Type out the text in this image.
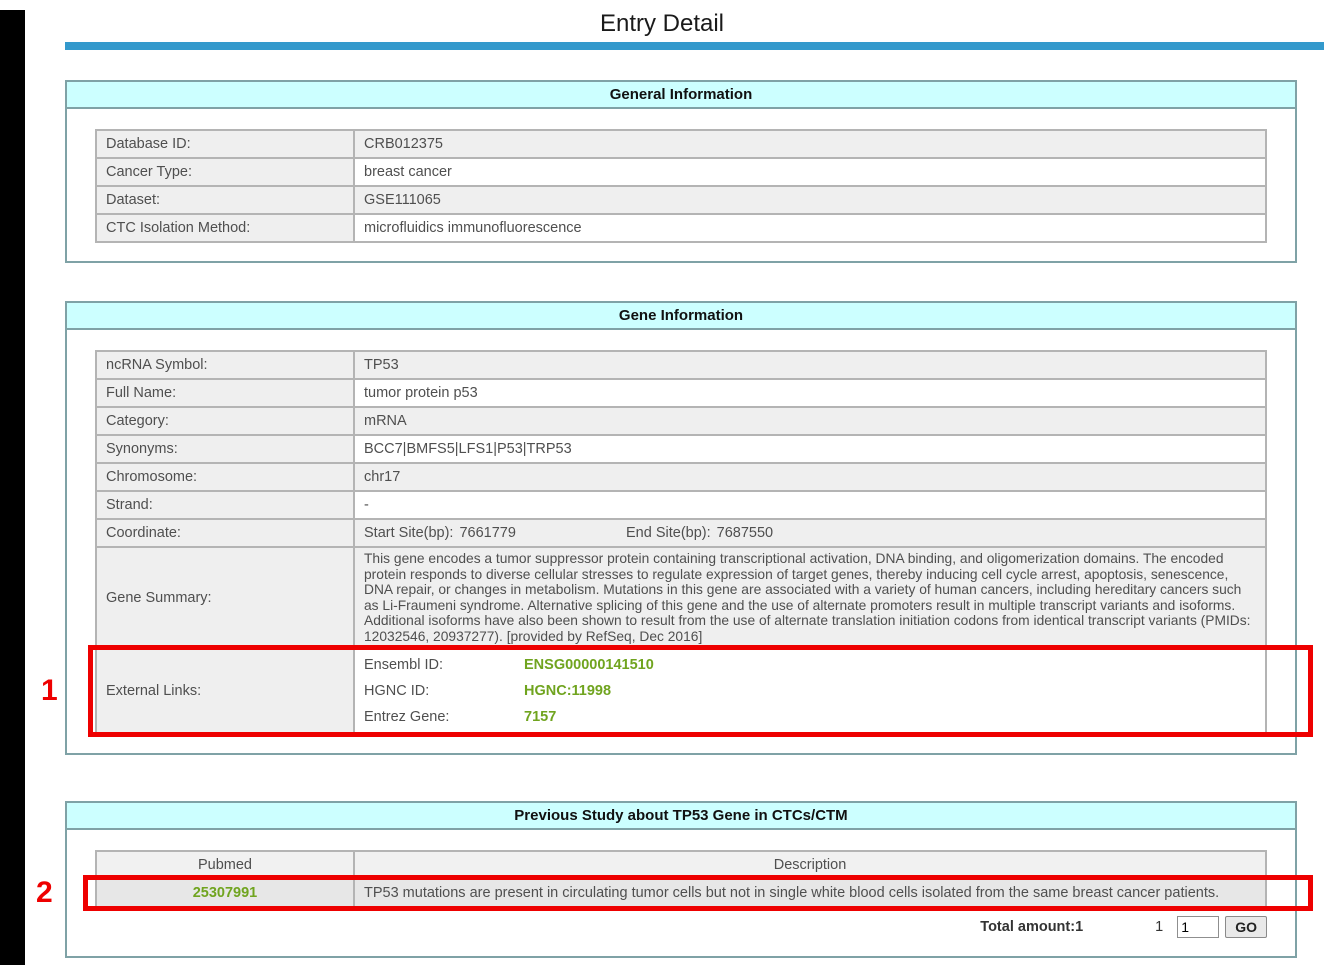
Entry Detail
General Information
Database ID:	CRB012375
Cancer Type:	breast cancer
Dataset:	GSE111065
CTC Isolation Method:	microfluidics immunofluorescence
Gene Information
ncRNA Symbol:	TP53
Full Name:	tumor protein p53
Category:	mRNA
Synonyms:	BCC7|BMFS5|LFS1|P53|TRP53
Chromosome:	chr17
Strand:	-
Coordinate:	Start Site(bp): 7661779 End Site(bp): 7687550
Gene Summary:	This gene encodes a tumor suppressor protein containing transcriptional activation, DNA binding, and oligomerization domains. The encoded protein responds to diverse cellular stresses to regulate expression of target genes, thereby inducing cell cycle arrest, apoptosis, senescence, DNA repair, or changes in metabolism. Mutations in this gene are associated with a variety of human cancers, including hereditary cancers such as Li-Fraumeni syndrome. Alternative splicing of this gene and the use of alternate promoters result in multiple transcript variants and isoforms. Additional isoforms have also been shown to result from the use of alternate translation initiation codons from identical transcript variants (PMIDs: 12032546, 20937277). [provided by RefSeq, Dec 2016]
External Links:	Ensembl ID: ENSG00000141510
HGNC ID: HGNC:11998
Entrez Gene: 7157
1
Previous Study about TP53 Gene in CTCs/CTM
Pubmed	Description
25307991	TP53 mutations are present in circulating tumor cells but not in single white blood cells isolated from the same breast cancer patients.
2
Total amount:1	1
1	GO
